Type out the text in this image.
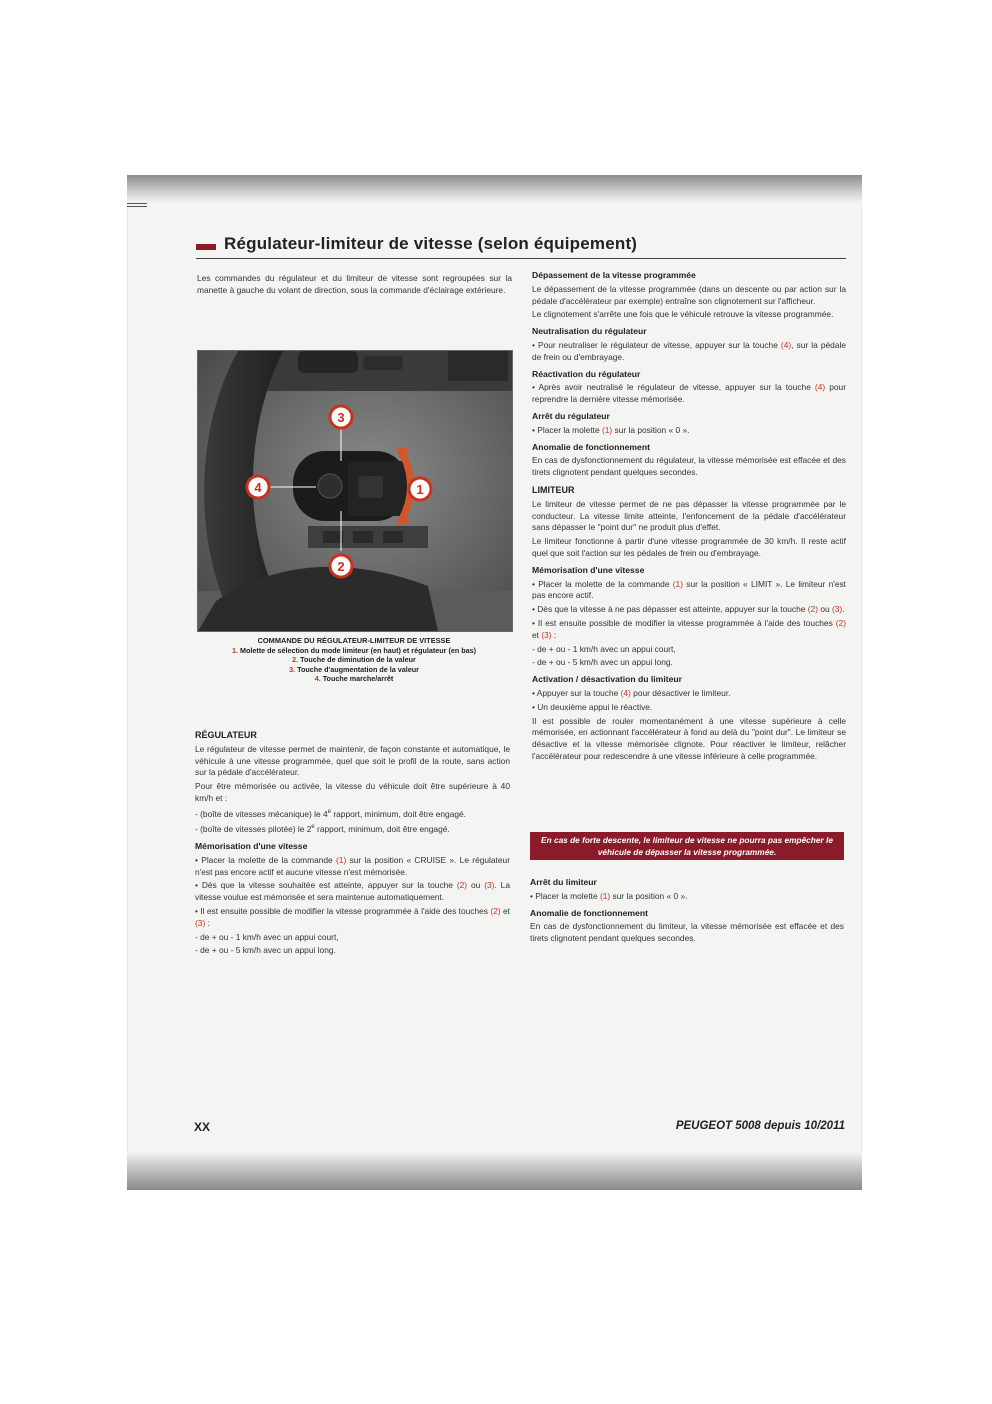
Régulateur-limiteur de vitesse (selon équipement)

Les commandes du régulateur et du limiteur de vitesse sont regroupées sur la manette à gauche du volant de direction, sous la commande d'éclairage extérieure.

3
4	1
2
COMMANDE DU RÉGULATEUR-LIMITEUR DE VITESSE
1. Molette de sélection du mode limiteur (en haut) et régulateur (en bas)
2. Touche de diminution de la valeur
3. Touche d'augmentation de la valeur
4. Touche marche/arrêt
RÉGULATEUR

Le régulateur de vitesse permet de maintenir, de façon constante et automatique, le véhicule à une vitesse programmée, quel que soit le profil de la route, sans action sur la pédale d'accélérateur.

Pour être mémorisée ou activée, la vitesse du véhicule doit être supérieure à 40 km/h et :

- (boîte de vitesses mécanique) le 4e rapport, minimum, doit être engagé.

- (boîte de vitesses pilotée) le 2e rapport, minimum, doit être engagé.

Mémorisation d'une vitesse

• Placer la molette de la commande (1) sur la position « CRUISE ». Le régulateur n'est pas encore actif et aucune vitesse n'est mémorisée.

• Dès que la vitesse souhaitée est atteinte, appuyer sur la touche (2) ou (3). La vitesse voulue est mémorisée et sera maintenue automatiquement.

• Il est ensuite possible de modifier la vitesse programmée à l'aide des touches (2) et (3) :

- de + ou - 1 km/h avec un appui court,

- de + ou - 5 km/h avec un appui long.

Dépassement de la vitesse programmée

Le dépassement de la vitesse programmée (dans un descente ou par action sur la pédale d'accélérateur par exemple) entraîne son clignotement sur l'afficheur.

Le clignotement s'arrête une fois que le véhicule retrouve la vitesse programmée.

Neutralisation du régulateur

• Pour neutraliser le régulateur de vitesse, appuyer sur la touche (4), sur la pédale de frein ou d'embrayage.

Réactivation du régulateur

• Après avoir neutralisé le régulateur de vitesse, appuyer sur la touche (4) pour reprendre la dernière vitesse mémorisée.

Arrêt du régulateur

• Placer la molette (1) sur la position « 0 ».

Anomalie de fonctionnement

En cas de dysfonctionnement du régulateur, la vitesse mémorisée est effacée et des tirets clignotent pendant quelques secondes.

LIMITEUR

Le limiteur de vitesse permet de ne pas dépasser la vitesse programmée par le conducteur. La vitesse limite atteinte, l'enfoncement de la pédale d'accélérateur sans dépasser le "point dur" ne produit plus d'effet.

Le limiteur fonctionne à partir d'une vitesse programmée de 30 km/h. Il reste actif quel que soit l'action sur les pédales de frein ou d'embrayage.

Mémorisation d'une vitesse

• Placer la molette de la commande (1) sur la position « LIMIT ». Le limiteur n'est pas encore actif.

• Dès que la vitesse à ne pas dépasser est atteinte, appuyer sur la touche (2) ou (3).

• Il est ensuite possible de modifier la vitesse programmée à l'aide des touches (2) et (3) :

- de + ou - 1 km/h avec un appui court,

- de + ou - 5 km/h avec un appui long.

Activation / désactivation du limiteur

• Appuyer sur la touche (4) pour désactiver le limiteur.

• Un deuxième appui le réactive.

Il est possible de rouler momentanément à une vitesse supérieure à celle mémorisée, en actionnant l'accélérateur à fond au delà du "point dur". Le limiteur se désactive et la vitesse mémorisée clignote. Pour réactiver le limiteur, relâcher l'accélérateur pour redescendre à une vitesse inférieure à celle programmée.

En cas de forte descente, le limiteur de vitesse ne pourra pas empêcher le véhicule de dépasser la vitesse programmée.
Arrêt du limiteur

• Placer la molette (1) sur la position « 0 ».

Anomalie de fonctionnement

En cas de dysfonctionnement du limiteur, la vitesse mémorisée est effacée et des tirets clignotent pendant quelques secondes.

XX	PEUGEOT 5008 depuis 10/2011
